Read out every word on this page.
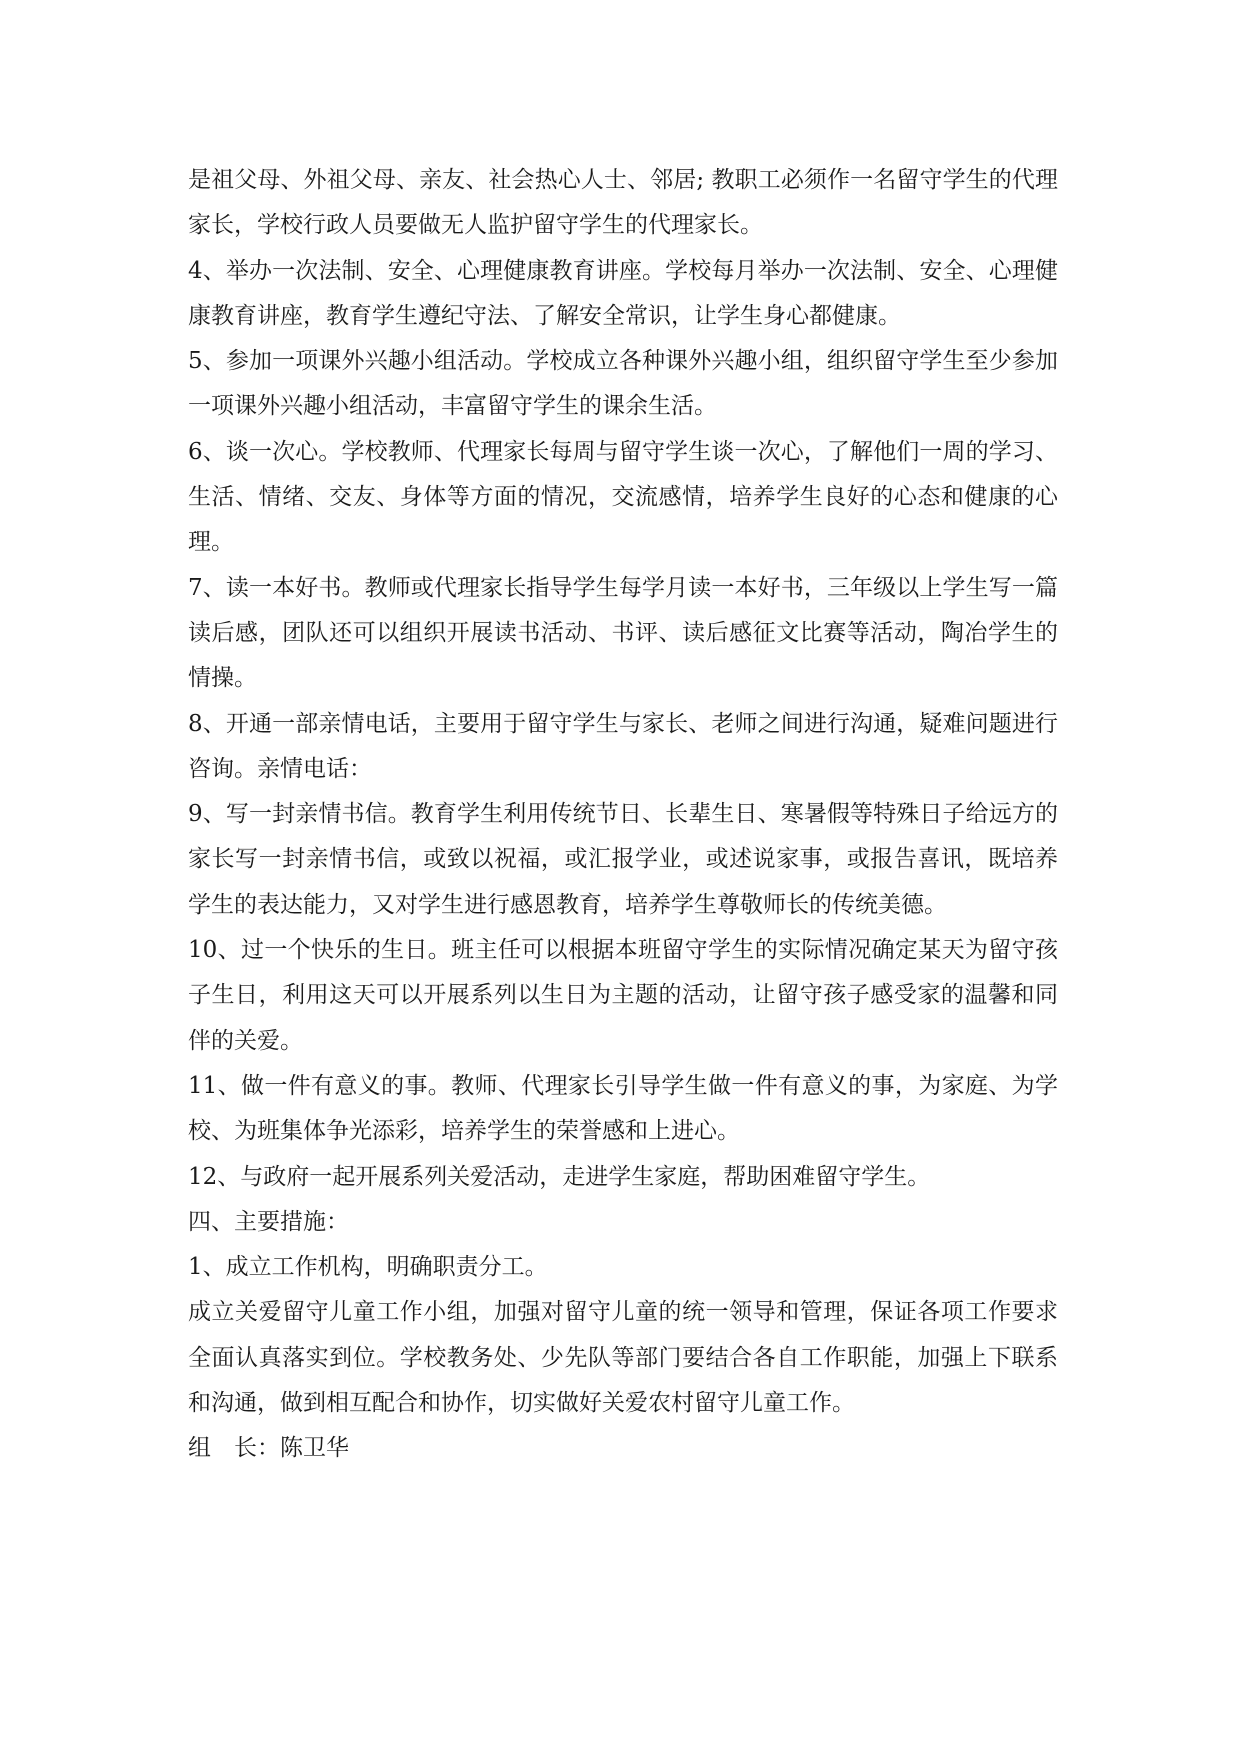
是祖父母、外祖父母、亲友、社会热心人士、邻居; 教职工必须作一名留守学生的代理家长，学校行政人员要做无人监护留守学生的代理家长。

4、举办一次法制、安全、心理健康教育讲座。学校每月举办一次法制、安全、心理健康教育讲座，教育学生遵纪守法、了解安全常识，让学生身心都健康。

5、参加一项课外兴趣小组活动。学校成立各种课外兴趣小组，组织留守学生至少参加一项课外兴趣小组活动，丰富留守学生的课余生活。

6、谈一次心。学校教师、代理家长每周与留守学生谈一次心，了解他们一周的学习、生活、情绪、交友、身体等方面的情况，交流感情，培养学生良好的心态和健康的心理。

7、读一本好书。教师或代理家长指导学生每学月读一本好书，三年级以上学生写一篇读后感，团队还可以组织开展读书活动、书评、读后感征文比赛等活动，陶冶学生的情操。

8、开通一部亲情电话，主要用于留守学生与家长、老师之间进行沟通，疑难问题进行咨询。亲情电话：

9、写一封亲情书信。教育学生利用传统节日、长辈生日、寒暑假等特殊日子给远方的家长写一封亲情书信，或致以祝福，或汇报学业，或述说家事，或报告喜讯，既培养学生的表达能力，又对学生进行感恩教育，培养学生尊敬师长的传统美德。

10、过一个快乐的生日。班主任可以根据本班留守学生的实际情况确定某天为留守孩子生日，利用这天可以开展系列以生日为主题的活动，让留守孩子感受家的温馨和同伴的关爱。

11、做一件有意义的事。教师、代理家长引导学生做一件有意义的事，为家庭、为学校、为班集体争光添彩，培养学生的荣誉感和上进心。

12、与政府一起开展系列关爱活动，走进学生家庭，帮助困难留守学生。

四、主要措施：

1、成立工作机构，明确职责分工。

成立关爱留守儿童工作小组，加强对留守儿童的统一领导和管理，保证各项工作要求全面认真落实到位。学校教务处、少先队等部门要结合各自工作职能，加强上下联系和沟通，做到相互配合和协作，切实做好关爱农村留守儿童工作。

组　长：陈卫华
